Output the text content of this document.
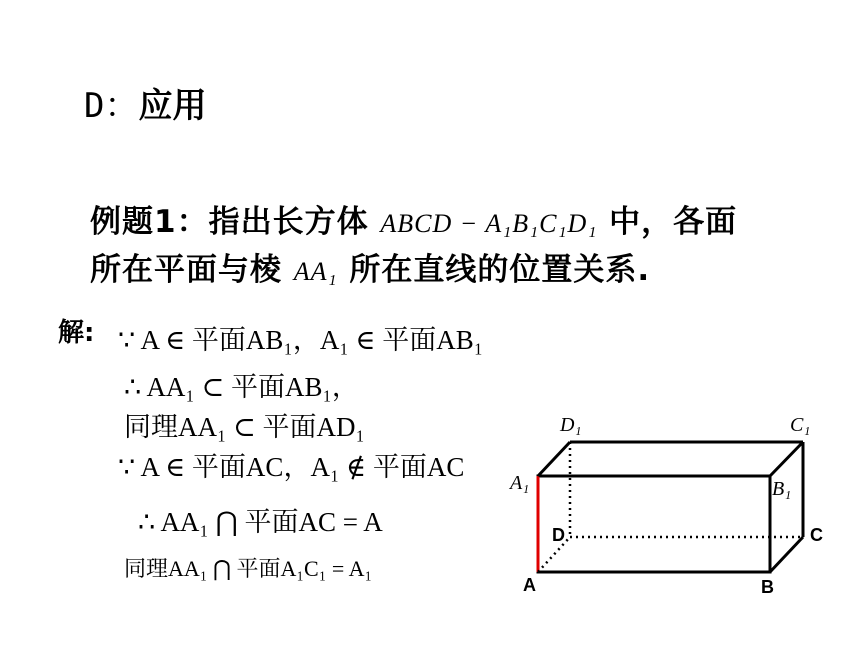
D：应用
例题1：指出长方体 ABCD − A₁B₁C₁D₁ 中，各面
所在平面与棱 AA₁ 所在直线的位置关系.
解: ∵ A ∈ 平面AB₁，A₁ ∈ 平面AB₁
∴ AA₁ ⊂ 平面AB₁，
同理AA₁ ⊂ 平面AD₁
∵ A ∈ 平面AC，A₁ ∉ 平面AC
∴ AA₁ ⋂ 平面AC = A
同理AA₁ ⋂ 平面A₁C₁ = A₁
A	B
C
D
A₁	B₁
C₁
D₁
